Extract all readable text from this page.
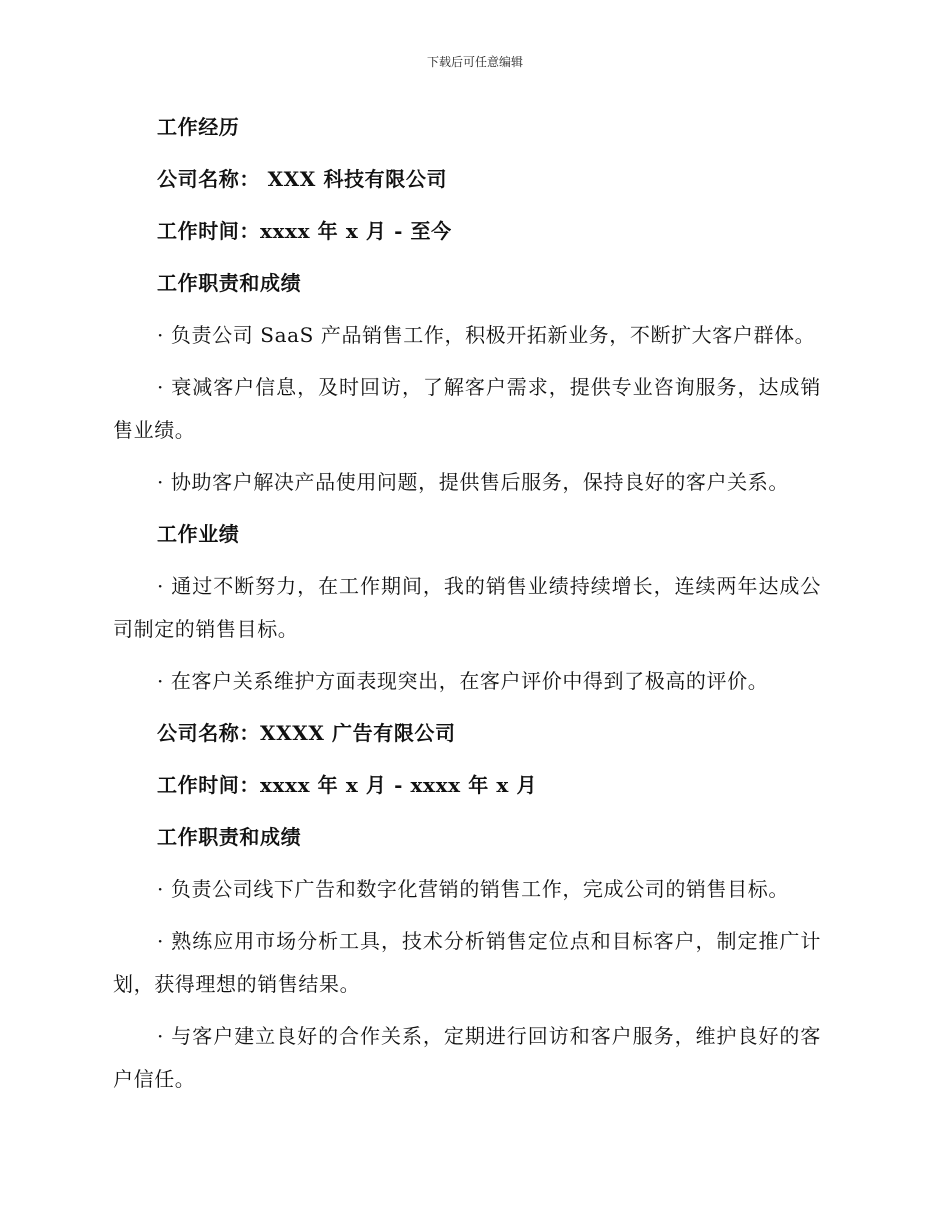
下载后可任意编辑

工作经历

公司名称： XXX 科技有限公司

工作时间：xxxx 年 x 月 - 至今

工作职责和成绩

· 负责公司 SaaS 产品销售工作，积极开拓新业务，不断扩大客户群体。

· 衰减客户信息，及时回访，了解客户需求，提供专业咨询服务，达成销售业绩。

· 协助客户解决产品使用问题，提供售后服务，保持良好的客户关系。

工作业绩

· 通过不断努力，在工作期间，我的销售业绩持续增长，连续两年达成公司制定的销售目标。

· 在客户关系维护方面表现突出，在客户评价中得到了极高的评价。

公司名称：XXXX 广告有限公司

工作时间：xxxx 年 x 月 - xxxx 年 x 月

工作职责和成绩

· 负责公司线下广告和数字化营销的销售工作，完成公司的销售目标。

· 熟练应用市场分析工具，技术分析销售定位点和目标客户，制定推广计划，获得理想的销售结果。

· 与客户建立良好的合作关系，定期进行回访和客户服务，维护良好的客户信任。
